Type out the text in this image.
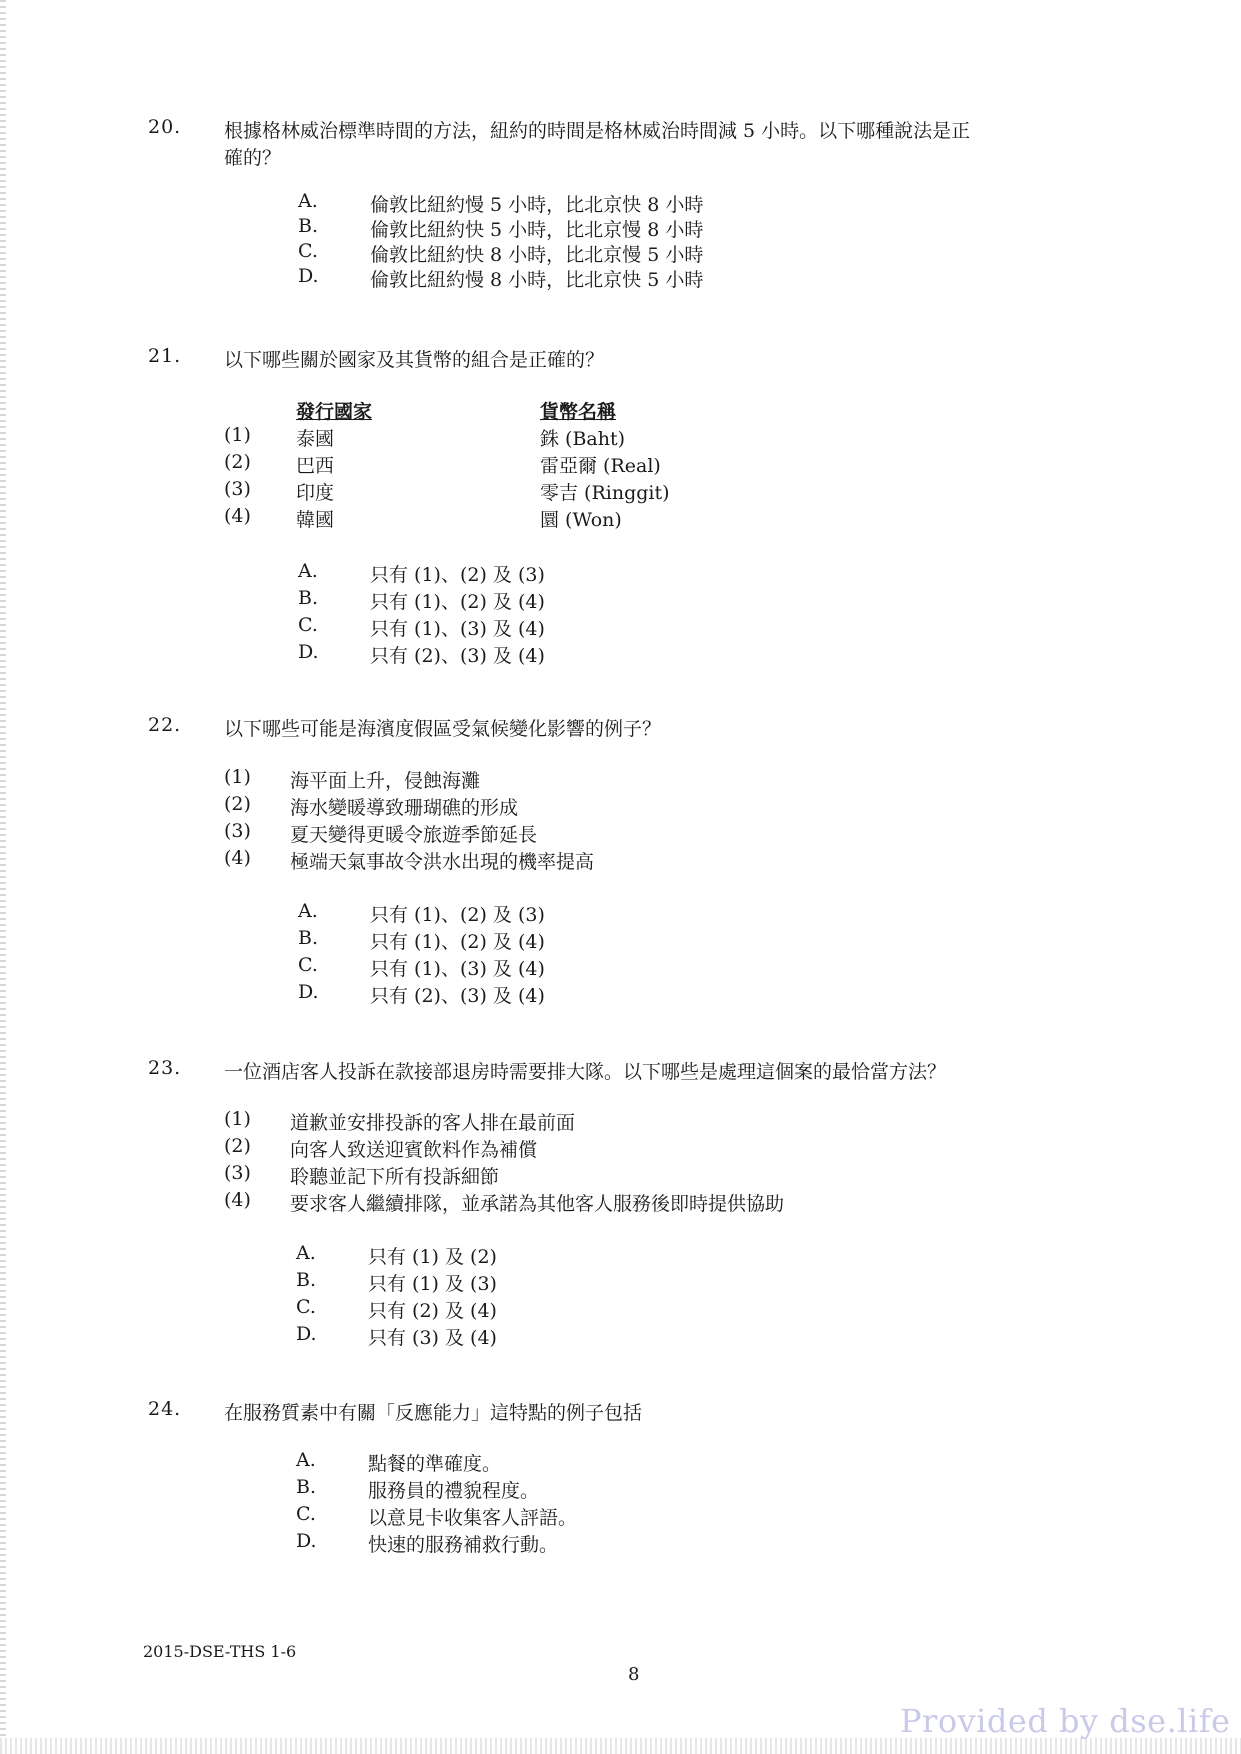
20. 根據格林威治標準時間的方法，紐約的時間是格林威治時間減 5 小時。以下哪種說法是正
確的？
A.	倫敦比紐約慢 5 小時，比北京快 8 小時
B.	倫敦比紐約快 5 小時，比北京慢 8 小時
C.	倫敦比紐約快 8 小時，比北京慢 5 小時
D.	倫敦比紐約慢 8 小時，比北京快 5 小時
21. 以下哪些關於國家及其貨幣的組合是正確的？
發行國家	貨幣名稱
(1) 泰國	銖 (Baht)
(2) 巴西	雷亞爾 (Real)
(3) 印度	零吉 (Ringgit)
(4) 韓國	圜 (Won)
A.	只有 (1)、(2) 及 (3)
B.	只有 (1)、(2) 及 (4)
C.	只有 (1)、(3) 及 (4)
D.	只有 (2)、(3) 及 (4)
22. 以下哪些可能是海濱度假區受氣候變化影響的例子？
(1) 海平面上升，侵蝕海灘
(2) 海水變暖導致珊瑚礁的形成
(3) 夏天變得更暖令旅遊季節延長
(4) 極端天氣事故令洪水出現的機率提高
A.	只有 (1)、(2) 及 (3)
B.	只有 (1)、(2) 及 (4)
C.	只有 (1)、(3) 及 (4)
D.	只有 (2)、(3) 及 (4)
23. 一位酒店客人投訴在款接部退房時需要排大隊。以下哪些是處理這個案的最恰當方法？
(1) 道歉並安排投訴的客人排在最前面
(2) 向客人致送迎賓飲料作為補償
(3) 聆聽並記下所有投訴細節
(4) 要求客人繼續排隊，並承諾為其他客人服務後即時提供協助
A.	只有 (1) 及 (2)
B.	只有 (1) 及 (3)
C.	只有 (2) 及 (4)
D.	只有 (3) 及 (4)
24. 在服務質素中有關「反應能力」這特點的例子包括
A.	點餐的準確度。
B.	服務員的禮貌程度。
C.	以意見卡收集客人評語。
D.	快速的服務補救行動。
2015-DSE-THS 1-6
8
Provided by dse.life
